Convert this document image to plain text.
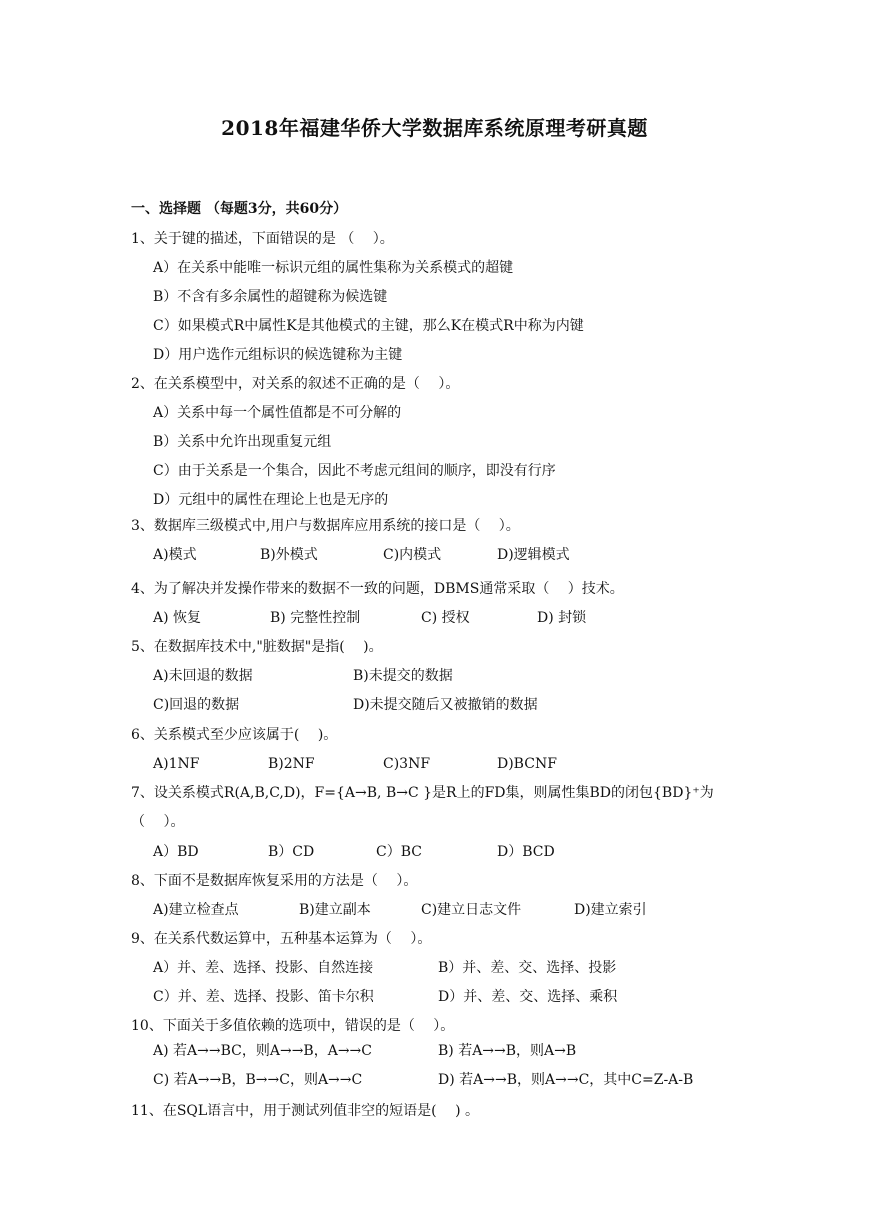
2018年福建华侨大学数据库系统原理考研真题
一、选择题 （每题3分，共60分）
1、关于键的描述，下面错误的是 （　 ）。
A）在关系中能唯一标识元组的属性集称为关系模式的超键
B）不含有多余属性的超键称为候选键
C）如果模式R中属性K是其他模式的主键，那么K在模式R中称为内键
D）用户选作元组标识的候选键称为主键
2、在关系模型中，对关系的叙述不正确的是（　 ）。
A）关系中每一个属性值都是不可分解的
B）关系中允许出现重复元组
C）由于关系是一个集合，因此不考虑元组间的顺序，即没有行序
D）元组中的属性在理论上也是无序的
3、数据库三级模式中,用户与数据库应用系统的接口是（　 ）。
A)模式	B)外模式	C)内模式	D)逻辑模式
4、为了解决并发操作带来的数据不一致的问题，DBMS通常采取（　 ）技术。
A) 恢复	B) 完整性控制	C) 授权	D) 封锁
5、在数据库技术中,"脏数据"是指(　 )。
A)未回退的数据	B)未提交的数据
C)回退的数据	D)未提交随后又被撤销的数据
6、关系模式至少应该属于(　 )。
A)1NF	B)2NF	C)3NF	D)BCNF
7、设关系模式R(A,B,C,D)，F={A→B, B→C }是R上的FD集，则属性集BD的闭包{BD}⁺为
（　 ）。
A）BD	B）CD	C）BC	D）BCD
8、下面不是数据库恢复采用的方法是（　 ）。
A)建立检查点	B)建立副本	C)建立日志文件	D)建立索引
9、在关系代数运算中，五种基本运算为（　 ）。
A）并、差、选择、投影、自然连接	B）并、差、交、选择、投影
C）并、差、选择、投影、笛卡尔积	D）并、差、交、选择、乘积
10、下面关于多值依赖的选项中，错误的是（　 ）。
A) 若A→→BC，则A→→B，A→→C	B) 若A→→B，则A→B
C) 若A→→B，B→→C，则A→→C	D) 若A→→B，则A→→C，其中C=Z-A-B
11、在SQL语言中，用于测试列值非空的短语是(　 ) 。
